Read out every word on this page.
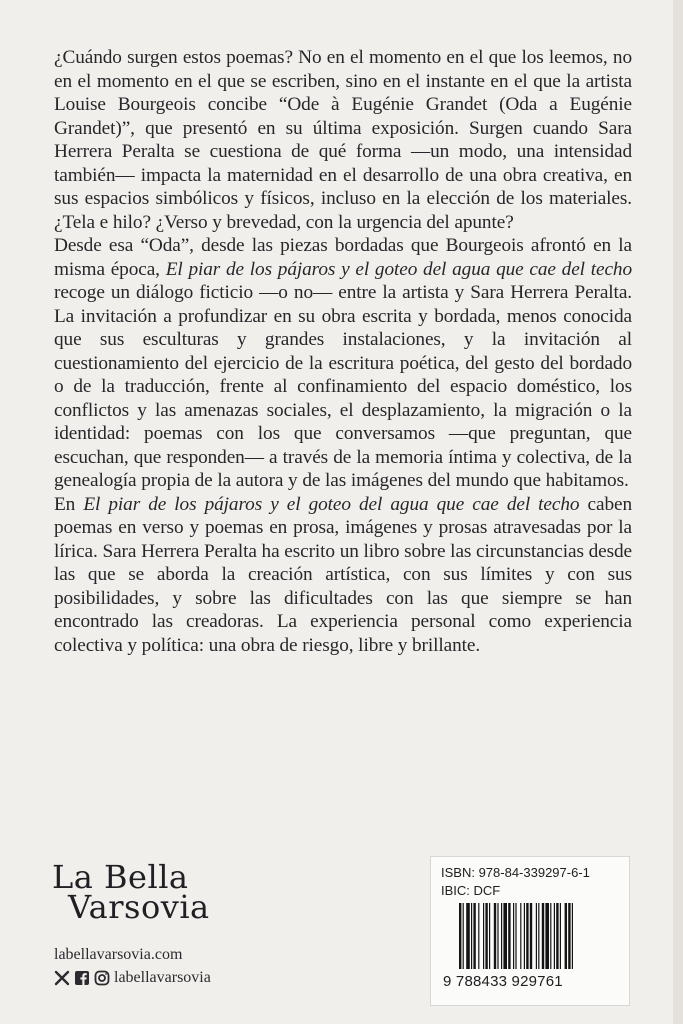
¿Cuándo surgen estos poemas? No en el momento en el que los leemos, no en el momento en el que se escriben, sino en el instante en el que la artista Louise Bourgeois concibe “Ode à Eugénie Grandet (Oda a Eugénie Grandet)”, que presentó en su última exposición. Surgen cuando Sara Herrera Peralta se cuestiona de qué forma —un modo, una intensidad también— impacta la maternidad en el desarrollo de una obra creativa, en sus espacios simbólicos y físicos, incluso en la elección de los materiales. ¿Tela e hilo? ¿Verso y brevedad, con la urgencia del apunte?

Desde esa “Oda”, desde las piezas bordadas que Bourgeois afrontó en la misma época, El piar de los pájaros y el goteo del agua que cae del techo recoge un diálogo ficticio —o no— entre la artista y Sara Herrera Peralta. La invitación a profundizar en su obra escrita y bordada, menos conocida que sus esculturas y grandes instalaciones, y la invitación al cuestionamiento del ejercicio de la escritura poética, del gesto del bordado o de la traducción, frente al confinamiento del espacio doméstico, los conflictos y las amenazas sociales, el desplazamiento, la migración o la identidad: poemas con los que conversamos —que preguntan, que escuchan, que responden— a través de la memoria íntima y colectiva, de la genealogía propia de la autora y de las imágenes del mundo que habitamos.

En El piar de los pájaros y el goteo del agua que cae del techo caben poemas en verso y poemas en prosa, imágenes y prosas atravesadas por la lírica. Sara Herrera Peralta ha escrito un libro sobre las circunstancias desde las que se aborda la creación artística, con sus límites y con sus posibilidades, y sobre las dificultades con las que siempre se han encontrado las creadoras. La experiencia personal como experiencia colectiva y política: una obra de riesgo, libre y brillante.

La Bella
Varsovia
labellavarsovia.com
labellavarsovia
ISBN: 978-84-339297-6-1
IBIC: DCF
9 788433 929761
